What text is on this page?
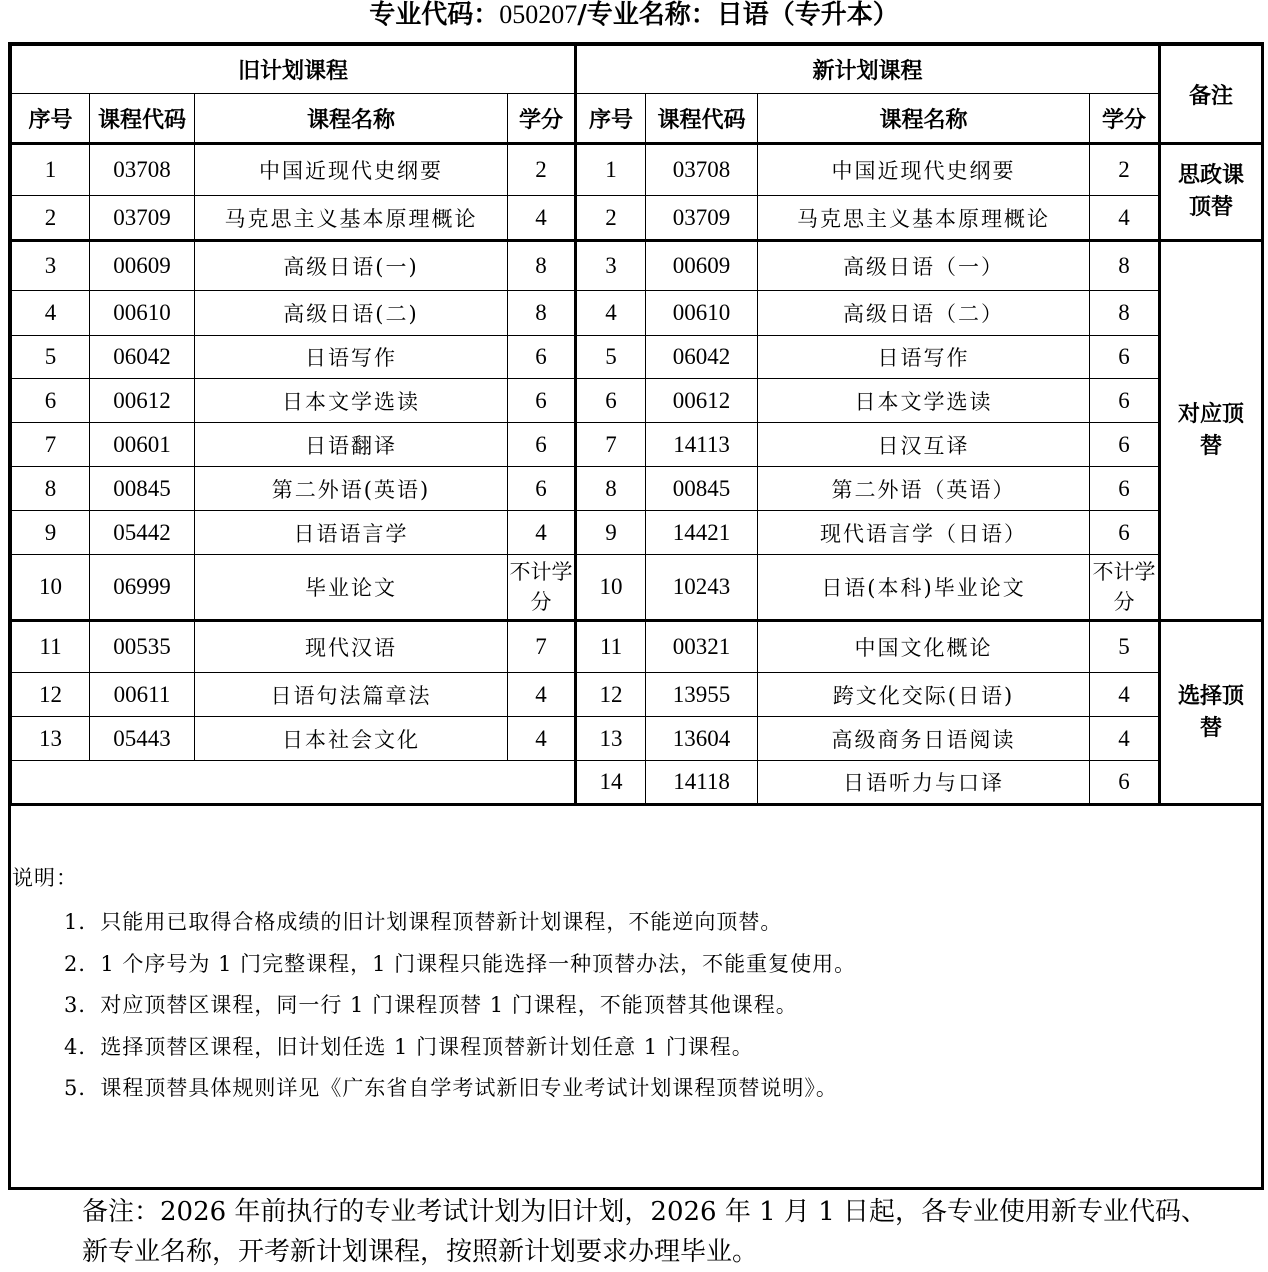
专业代码：050207/专业名称：日语（专升本）
旧计划课程				新计划课程				备注
序号	课程代码	课程名称	学分	序号	课程代码	课程名称	学分	
1	03708	中国近现代史纲要	2	1	03708	中国近现代史纲要	2	思政课顶替
2	03709	马克思主义基本原理概论	4	2	03709	马克思主义基本原理概论	4	
3	00609	高级日语(一)	8	3	00609	高级日语（一）	8	对应顶替
4	00610	高级日语(二)	8	4	00610	高级日语（二）	8	
5	06042	日语写作	6	5	06042	日语写作	6	
6	00612	日本文学选读	6	6	00612	日本文学选读	6	
7	00601	日语翻译	6	7	14113	日汉互译	6	
8	00845	第二外语(英语)	6	8	00845	第二外语（英语）	6	
9	05442	日语语言学	4	9	14421	现代语言学（日语）	6	
10	06999	毕业论文	不计学分	10	10243	日语(本科)毕业论文	不计学分	
11	00535	现代汉语	7	11	00321	中国文化概论	5	选择顶替
12	00611	日语句法篇章法	4	12	13955	跨文化交际(日语)	4	
13	05443	日本社会文化	4	13	13604	高级商务日语阅读	4	
				14	14118	日语听力与口译	6	
说明：
1．只能用已取得合格成绩的旧计划课程顶替新计划课程，不能逆向顶替。
2．1 个序号为 1 门完整课程，1 门课程只能选择一种顶替办法，不能重复使用。
3．对应顶替区课程，同一行 1 门课程顶替 1 门课程，不能顶替其他课程。
4．选择顶替区课程，旧计划任选 1 门课程顶替新计划任意 1 门课程。
5．课程顶替具体规则详见《广东省自学考试新旧专业考试计划课程顶替说明》。
备注：2026 年前执行的专业考试计划为旧计划，2026 年 1 月 1 日起，各专业使用新专业代码、新专业名称，开考新计划课程，按照新计划要求办理毕业。
